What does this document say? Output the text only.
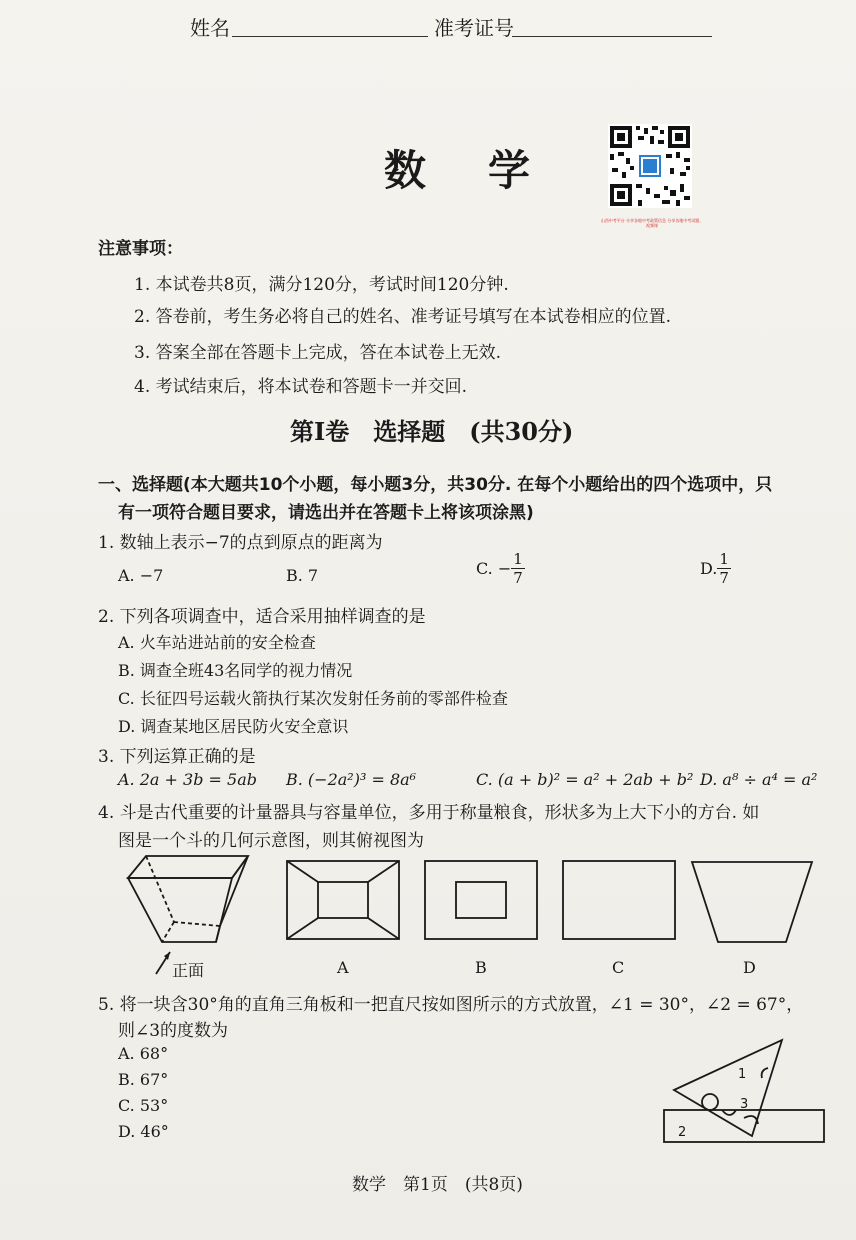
姓名	准考证号
数 学
山西中考平台 分享各地中考政策信息 分享各地中考试题、视频课
注意事项：
1. 本试卷共8页，满分120分，考试时间120分钟.
2. 答卷前，考生务必将自己的姓名、准考证号填写在本试卷相应的位置.
3. 答案全部在答题卡上完成，答在本试卷上无效.
4. 考试结束后，将本试卷和答题卡一并交回.
第Ⅰ卷　选择题　(共30分)
一、选择题(本大题共10个小题，每小题3分，共30分. 在每个小题给出的四个选项中，只
有一项符合题目要求，请选出并在答题卡上将该项涂黑)
1. 数轴上表示−7的点到原点的距离为
A. −7	B. 7	C. − $\frac{1}{7}$	D. $\frac{1}{7}$
2. 下列各项调查中，适合采用抽样调查的是
A. 火车站进站前的安全检查
B. 调查全班43名同学的视力情况
C. 长征四号运载火箭执行某次发射任务前的零部件检查
D. 调查某地区居民防火安全意识
3. 下列运算正确的是
A. 2a + 3b = 5ab B. (−2a²)³ = 8a⁶	C. (a + b)² = a² + 2ab + b² D. a⁸ ÷ a⁴ = a²
4. 斗是古代重要的计量器具与容量单位，多用于称量粮食，形状多为上大下小的方台. 如
图是一个斗的几何示意图，则其俯视图为
正面	A	B	C	D
5. 将一块含30°角的直角三角板和一把直尺按如图所示的方式放置，∠1 = 30°，∠2 = 67°，
则∠3的度数为
A. 68°
B. 67°
C. 53°
D. 46°
1
2
3
数学　第1页　(共8页)
